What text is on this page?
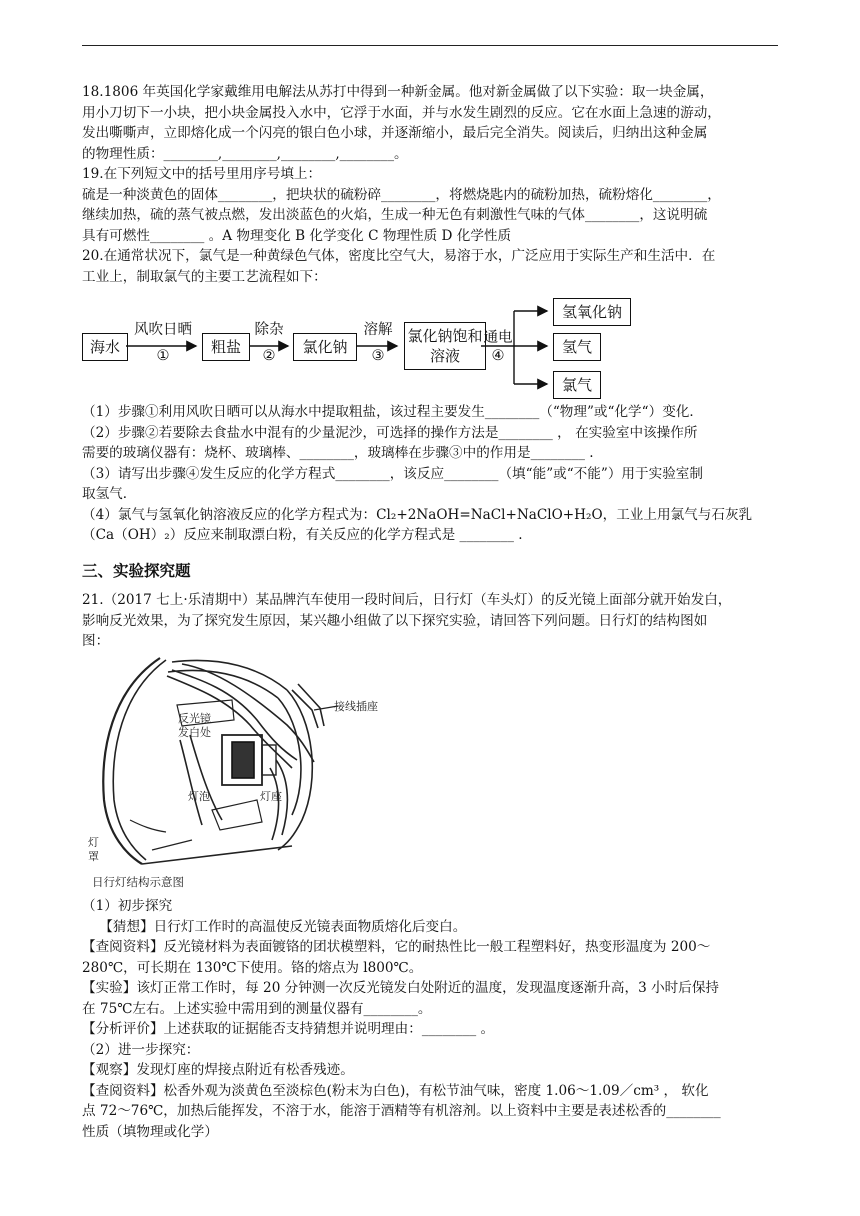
18.1806 年英国化学家戴维用电解法从苏打中得到一种新金属。他对新金属做了以下实验：取一块金属，
用小刀切下一小块，把小块金属投入水中，它浮于水面，并与水发生剧烈的反应。它在水面上急速的游动，
发出嘶嘶声，立即熔化成一个闪亮的银白色小球，并逐渐缩小，最后完全消失。阅读后，归纳出这种金属
的物理性质：________,________,________,________。
19.在下列短文中的括号里用序号填上：
硫是一种淡黄色的固体________，把块状的硫粉碎________，将燃烧匙内的硫粉加热，硫粉熔化________，
继续加热，硫的蒸气被点燃，发出淡蓝色的火焰，生成一种无色有刺激性气味的气体________，这说明硫
具有可燃性________ 。A 物理变化 B 化学变化 C 物理性质 D 化学性质
20.在通常状况下，氯气是一种黄绿色气体，密度比空气大，易溶于水，广泛应用于实际生产和生活中．在
工业上，制取氯气的主要工艺流程如下：
海水
风吹日晒
①	粗盐
除杂
②	氯化钠
溶解
③
氯化钠饱和溶液
通电
④
氢氧化钠
氢气
氯气
（1）步骤①利用风吹日晒可以从海水中提取粗盐，该过程主要发生________（“物理”或“化学“）变化．
（2）步骤②若要除去食盐水中混有的少量泥沙，可选择的操作方法是________ ， 在实验室中该操作所
需要的玻璃仪器有：烧杯、玻璃棒、________，玻璃棒在步骤③中的作用是________ .
（3）请写出步骤④发生反应的化学方程式________，该反应________（填“能”或“不能”）用于实验室制
取氢气．
（4）氯气与氢氧化钠溶液反应的化学方程式为：Cl₂+2NaOH=NaCl+NaClO+H₂O，工业上用氯气与石灰乳
（Ca（OH）₂）反应来制取漂白粉，有关反应的化学方程式是 ________ .
三、实验探究题
21.（2017 七上·乐清期中）某品牌汽车使用一段时间后，日行灯（车头灯）的反光镜上面部分就开始发白，
影响反光效果，为了探究发生原因，某兴趣小组做了以下探究实验，请回答下列问题。日行灯的结构图如
图：
反光镜
发白处
接线插座
灯泡	灯座
灯
罩
日行灯结构示意图
（1）初步探究
【猜想】日行灯工作时的高温使反光镜表面物质熔化后变白。
【查阅资料】反光镜材料为表面镀铬的团状模塑料，它的耐热性比一般工程塑料好，热变形温度为 200～
280℃，可长期在 130℃下使用。铬的熔点为 l800℃。
【实验】该灯正常工作时，每 20 分钟测一次反光镜发白处附近的温度，发现温度逐渐升高，3 小时后保持
在 75℃左右。上述实验中需用到的测量仪器有________。
【分析评价】上述获取的证据能否支持猜想并说明理由：________ 。
（2）进一步探究：
【观察】发现灯座的焊接点附近有松香残迹。
【查阅资料】松香外观为淡黄色至淡棕色(粉末为白色)，有松节油气味，密度 1.06～1.09／cm³ ， 软化
点 72～76℃，加热后能挥发，不溶于水，能溶于酒精等有机溶剂。以上资料中主要是表述松香的________
性质（填物理或化学）
